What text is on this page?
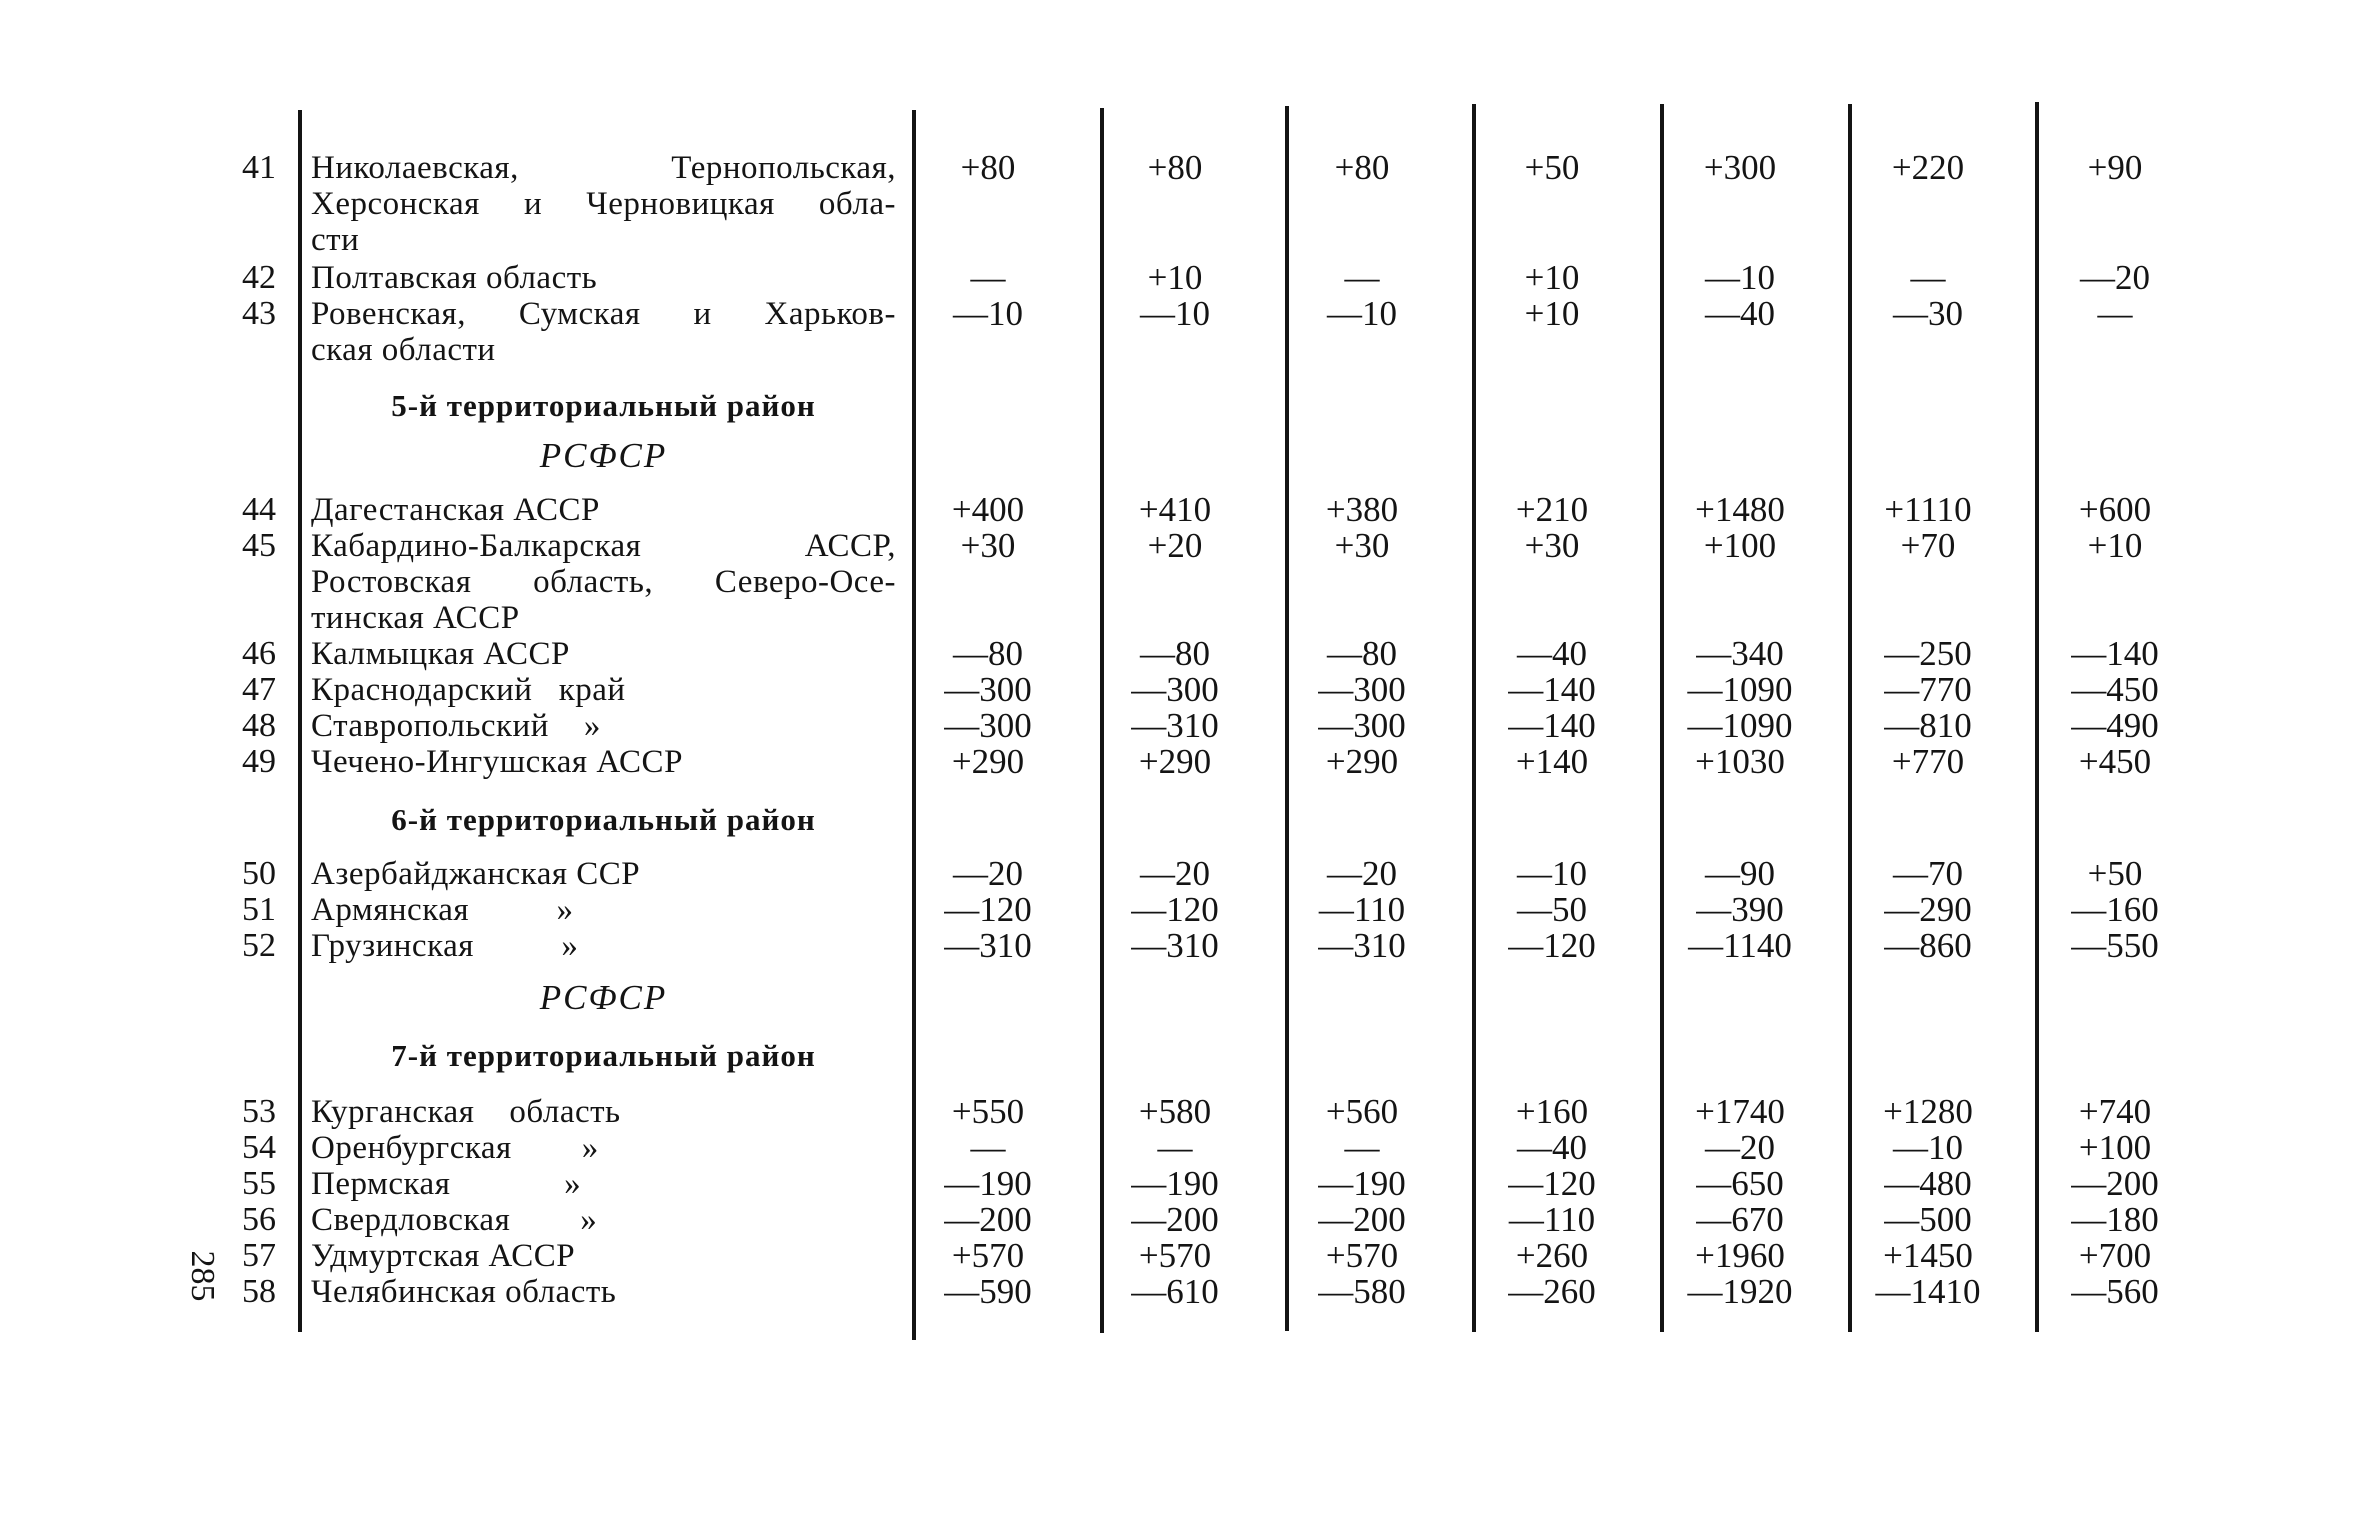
41 Николаевская,      Тернопольская,
Херсонская и Черновицкая обла-
сти
+80	+80	+80	+50	+300	+220	+90
42 Полтавская область	—	+10	—	+10	—10	—	—20
43 Ровенская, Сумская и Харьков-
ская области
—10	—10	—10	+10	—40	—30	—
5-й территориальный район
РСФСР
44 Дагестанская АССР	+400	+410	+380	+210	+1480	+1110	+600
45 Кабардино-Балкарская      АССР,
Ростовская область, Северо-Осе-
тинская АССР
+30	+20	+30	+30	+100	+70	+10
46 Калмыцкая АССР	—80	—80	—80	—40	—340	—250	—140
47 Краснодарский   край	—300	—300	—300	—140	—1090	—770	—450
48 Ставропольский    »	—300	—310	—300	—140	—1090	—810	—490
49 Чечено-Ингушская АССР	+290	+290	+290	+140	+1030	+770	+450
6-й территориальный район
50 Азербайджанская ССР	—20	—20	—20	—10	—90	—70	+50
51 Армянская          »	—120	—120	—110	—50	—390	—290	—160
52 Грузинская          »	—310	—310	—310	—120	—1140	—860	—550
РСФСР
7-й территориальный район
53 Курганская    область	+550	+580	+560	+160	+1740	+1280	+740
54 Оренбургская        »	—	—	—	—40	—20	—10	+100
55 Пермская             »	—190	—190	—190	—120	—650	—480	—200
56 Свердловская        »	—200	—200	—200	—110	—670	—500	—180
57 Удмуртская АССР	+570	+570	+570	+260	+1960	+1450	+700
58 Челябинская область	—590	—610	—580	—260	—1920	—1410	—560
285
